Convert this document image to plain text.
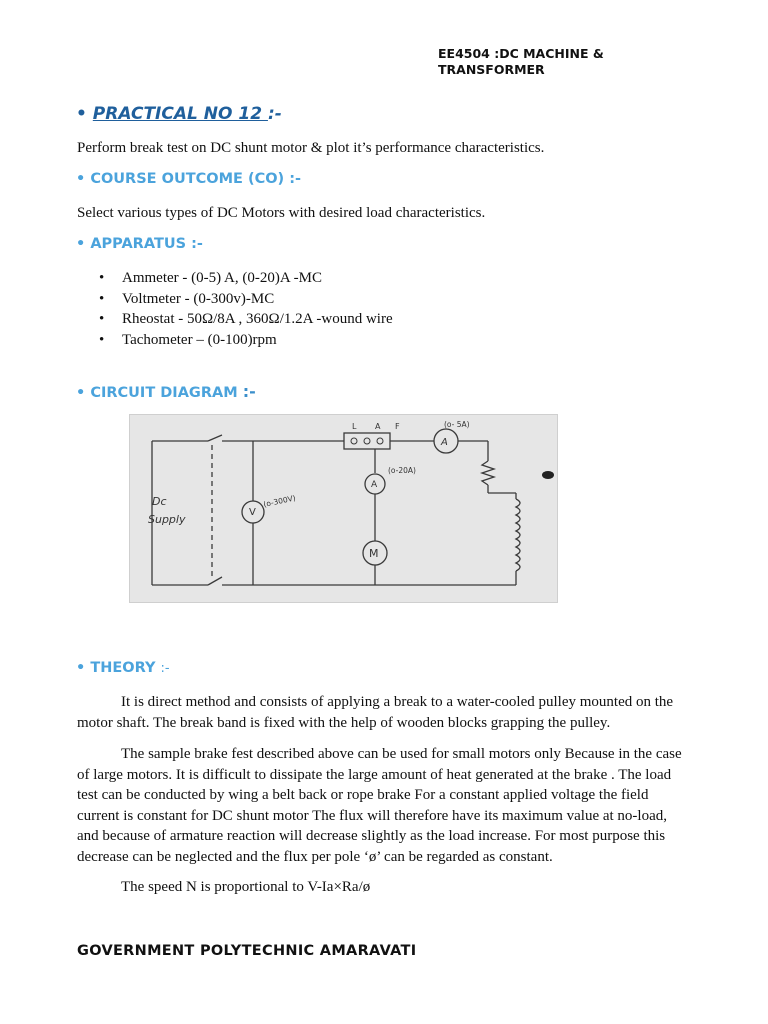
EE4504 :DC MACHINE &
TRANSFORMER
• PRACTICAL NO 12 :-
Perform break test on DC shunt motor & plot it’s performance characteristics.
• COURSE OUTCOME (CO) :-
Select various types of DC Motors with desired load characteristics.
• APPARATUS :-
• Ammeter - (0-5) A, (0-20)A -MC
• Voltmeter - (0-300v)-MC
• Rheostat - 50Ω/8A , 360Ω/1.2A -wound wire
• Tachometer – (0-100)rpm
• CIRCUIT DIAGRAM :-
L A F	(o- 5A)
A
(o-20A)
A
(o-300V)
V
M
Dc
Supply
• THEORY :-
It is direct method and consists of applying a break to a water-cooled pulley mounted on the motor shaft. The break band is fixed with the help of wooden blocks grapping the pulley.
The sample brake fest described above can be used for small motors only Because in the case of large motors. It is difficult to dissipate the large amount of heat generated at the brake . The load test can be conducted by wing a belt back or rope brake For a constant applied voltage the field current is constant for DC shunt motor The flux will therefore have its maximum value at no-load, and because of armature reaction will decrease slightly as the load increase. For most purpose this decrease can be neglected and the flux per pole ‘ø’ can be regarded as constant.
The speed N is proportional to V-Ia×Ra/ø
GOVERNMENT POLYTECHNIC AMARAVATI
